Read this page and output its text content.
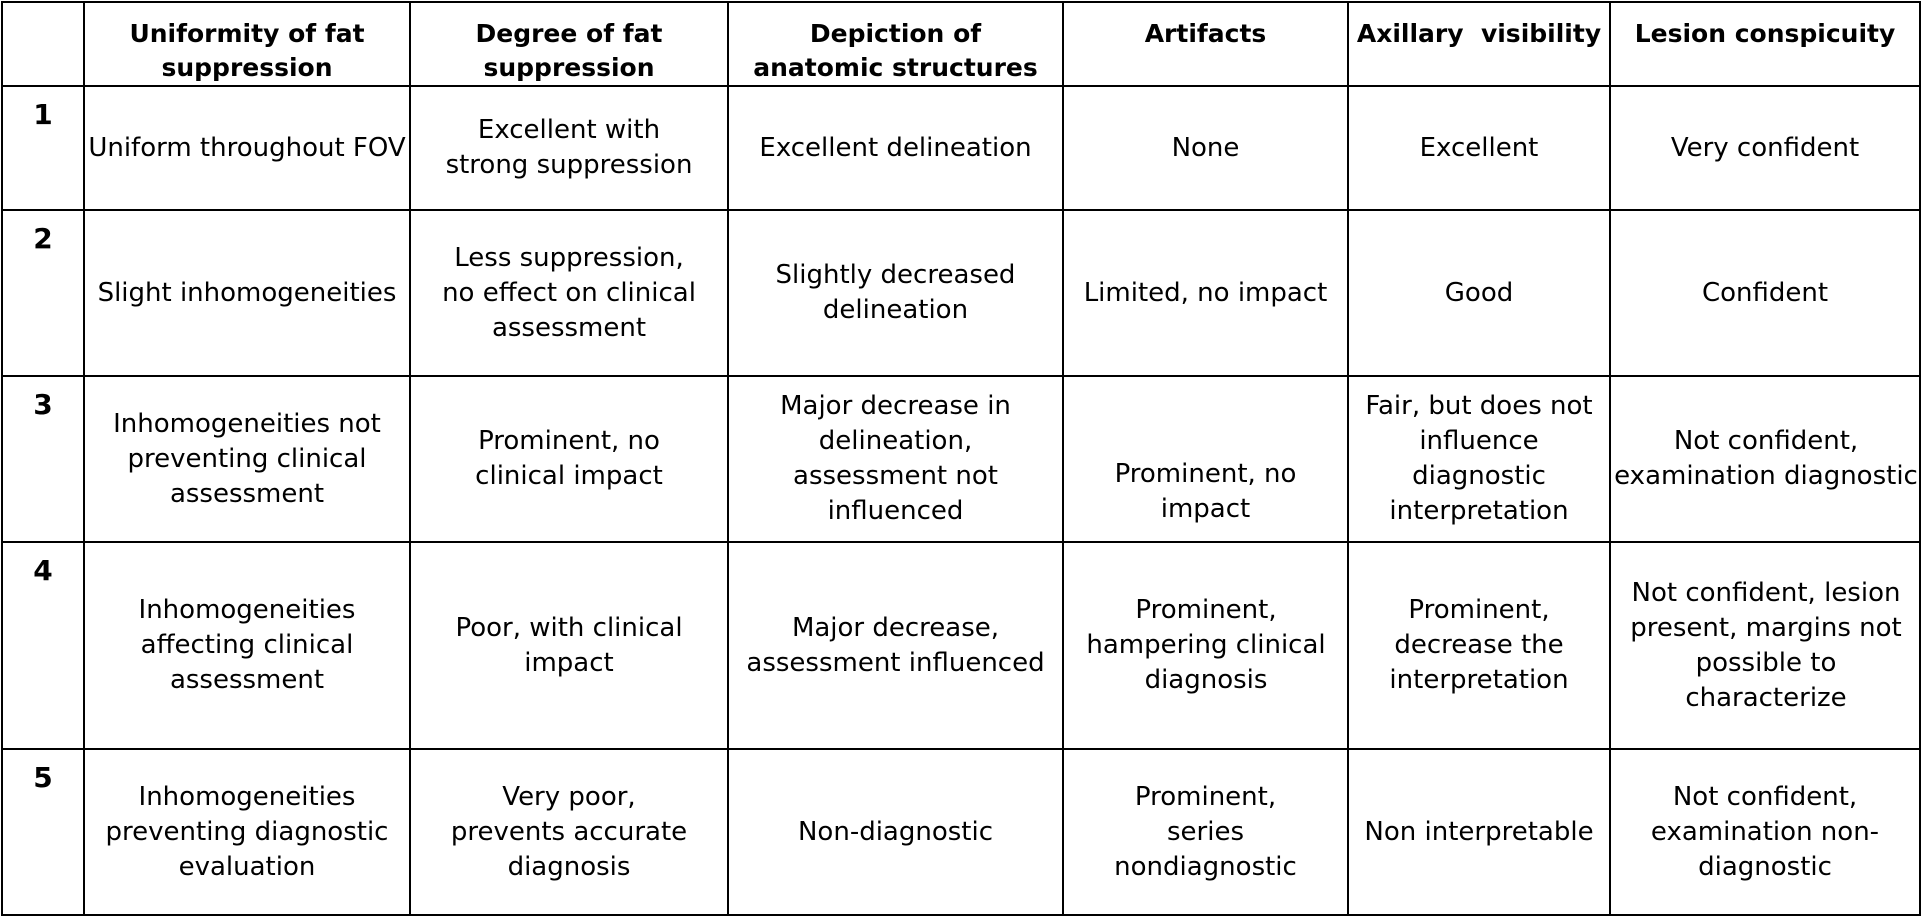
	Uniformity of fat suppression	Degree of fat suppression	Depiction of anatomic structures	Artifacts	Axillary  visibility	Lesion conspicuity
1	Uniform throughout FOV	Excellent with strong suppression	Excellent delineation	None	Excellent	Very confident
2	Slight inhomogeneities	Less suppression, no effect on clinical assessment	Slightly decreased delineation	Limited, no impact	Good	Confident
3	Inhomogeneities not preventing clinical assessment	Prominent, no clinical impact	Major decrease in delineation, assessment not influenced	Prominent, no impact	Fair, but does not influence diagnostic interpretation	Not confident, examination diagnostic
4	Inhomogeneities affecting clinical assessment	Poor, with clinical impact	Major decrease, assessment influenced	Prominent, hampering clinical diagnosis	Prominent, decrease the interpretation	Not confident, lesion present, margins not possible to characterize
5	Inhomogeneities preventing diagnostic evaluation	Very poor, prevents accurate diagnosis	Non-diagnostic	Prominent, series nondiagnostic	Non interpretable	Not confident, examination non-diagnostic
